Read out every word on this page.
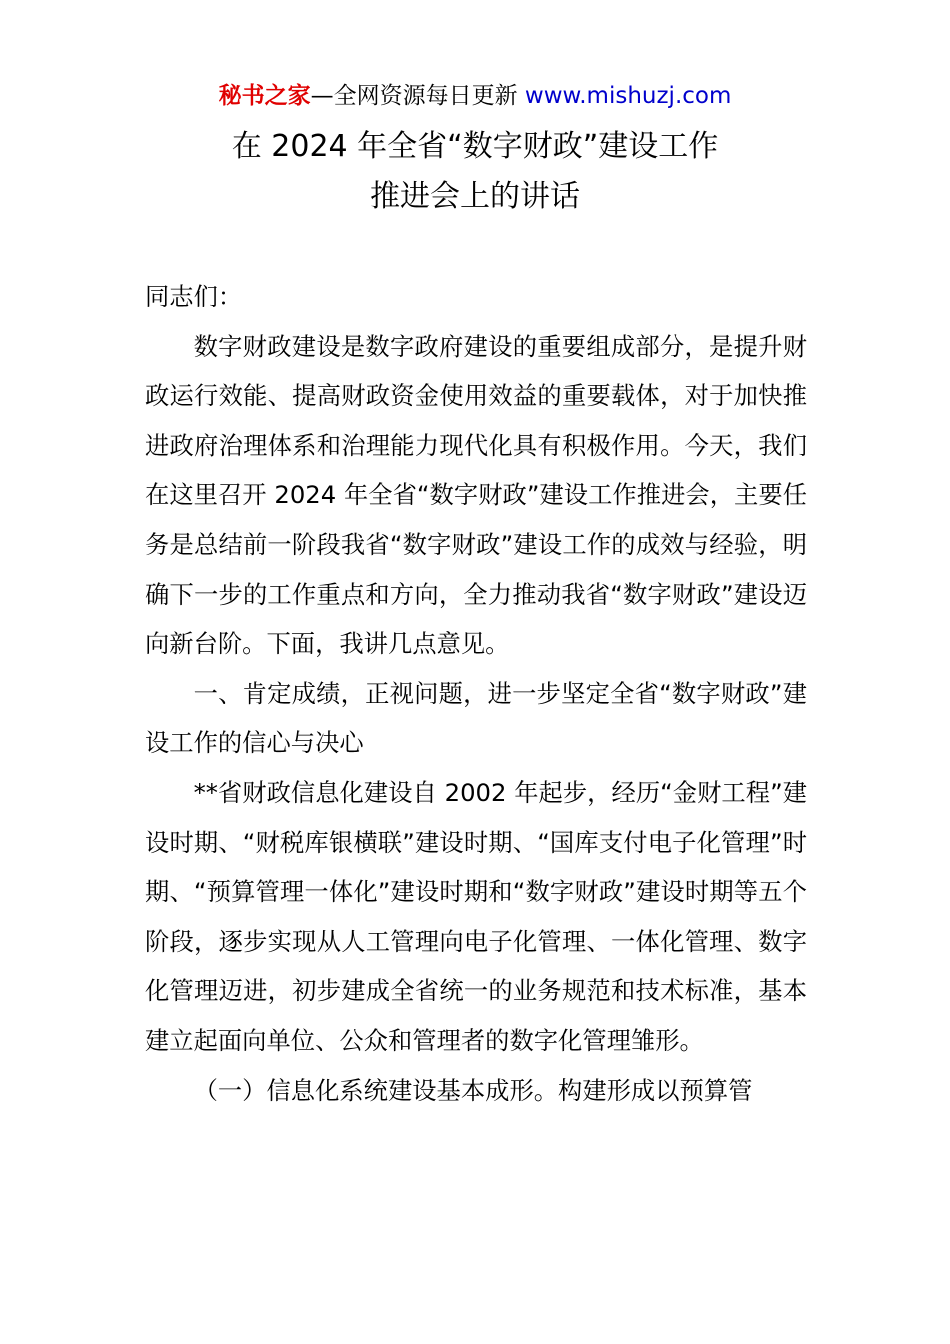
秘书之家—全网资源每日更新 www.mishuzj.com
在 2024 年全省“数字财政”建设工作
推进会上的讲话

同志们：

数字财政建设是数字政府建设的重要组成部分，是提升财政运行效能、提高财政资金使用效益的重要载体，对于加快推进政府治理体系和治理能力现代化具有积极作用。今天，我们在这里召开 2024 年全省“数字财政”建设工作推进会，主要任务是总结前一阶段我省“数字财政”建设工作的成效与经验，明确下一步的工作重点和方向，全力推动我省“数字财政”建设迈向新台阶。下面，我讲几点意见。

一、肯定成绩，正视问题，进一步坚定全省“数字财政”建设工作的信心与决心

**省财政信息化建设自 2002 年起步，经历“金财工程”建设时期、“财税库银横联”建设时期、“国库支付电子化管理”时期、“预算管理一体化”建设时期和“数字财政”建设时期等五个阶段，逐步实现从人工管理向电子化管理、一体化管理、数字化管理迈进，初步建成全省统一的业务规范和技术标准，基本建立起面向单位、公众和管理者的数字化管理雏形。

（一）信息化系统建设基本成形。构建形成以预算管
